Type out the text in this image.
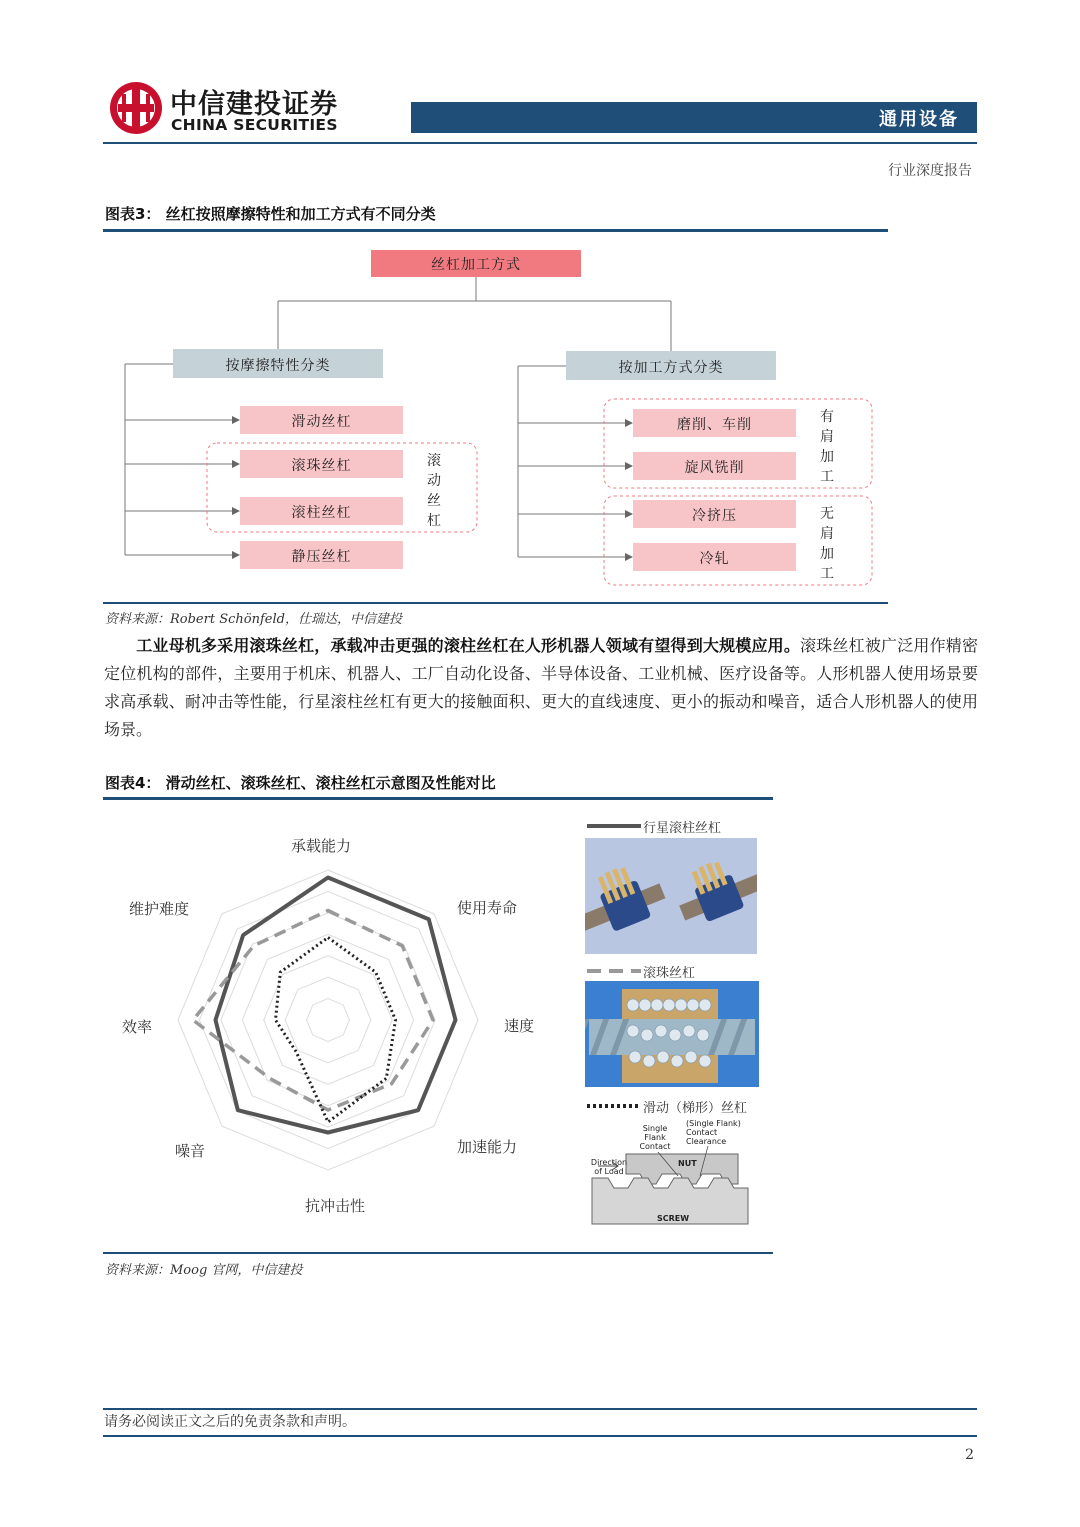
中信建投证券
CHINA SECURITIES	通用设备
行业深度报告
图表3： 丝杠按照摩擦特性和加工方式有不同分类
丝杠加工方式
按摩擦特性分类	按加工方式分类
滑动丝杠
滚珠丝杠
滚柱丝杠
静压丝杠
磨削、车削
旋风铣削
冷挤压
冷轧
滚
动
丝
杠
有
肩
加
工
无
肩
加
工
资料来源：Robert Schönfeld，仕瑞达，中信建投
工业母机多采用滚珠丝杠，承载冲击更强的滚柱丝杠在人形机器人领域有望得到大规模应用。滚珠丝杠被广泛用作精密定位机构的部件，主要用于机床、机器人、工厂自动化设备、半导体设备、工业机械、医疗设备等。人形机器人使用场景要求高承载、耐冲击等性能，行星滚柱丝杠有更大的接触面积、更大的直线速度、更小的振动和噪音，适合人形机器人的使用场景。
图表4： 滑动丝杠、滚珠丝杠、滚柱丝杠示意图及性能对比
承载能力
使用寿命
速度
加速能力
抗冲击性
噪音
效率
维护难度
行星滚柱丝杠
滚珠丝杠
滑动（梯形）丝杠
Single Flank Contact
(Single Flank) Contact Clearance
Direction of Load
NUT
SCREW
资料来源：Moog 官网，中信建投
请务必阅读正文之后的免责条款和声明。
2
